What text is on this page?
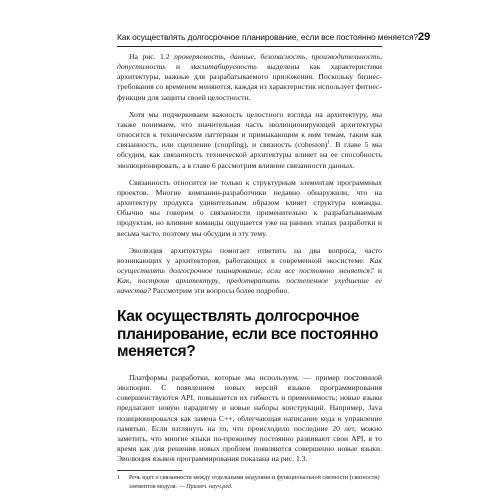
Как осуществлять долгосрочное планирование, если все постоянно меняется? 29

На рис. 1.2 проверяемость, данные, безопасность, производительность, допустимость и масштабируемость выделены как характеристики архитектуры, важные для разрабатываемого приложения. Поскольку бизнес-требования со временем меняются, каждая из характеристик использует фитнес-функции для защиты своей целостности.

Хотя мы подчеркиваем важность целостного взгляда на архитектуру, мы также понимаем, что значительная часть эволюционирующей архитектуры относится к техническим паттернам и примыкающим к ним темам, таким как связанность, или сцепление (coupling), и связность (cohesion)$^1$. В главе 5 мы обсудим, как связанность технической архитектуры влияет на ее способность эволюционировать, а в главе 6 рассмотрим влияние связанности данных.

Связанность относится не только к структурным элементам программных проектов. Многие компании-разработчики недавно обнаружили, что на архитектуру продукта удивительным образом влияет структура команды. Обычно мы говорим о связанности применительно к разрабатываемым продуктам, но влияние команды ощущается уже на ранних этапах разработки и весьма часто, поэтому мы обсудим и эту тему.

Эволюция архитектуры помогает ответить на два вопроса, часто возникающих у архитекторов, работающих в современной экосистеме: Как осуществлять долгосрочное планирование, если все постоянно меняется? и Как, построив архитектуру, предотвратить постепенное ухудшение ее качества? Рассмотрим эти вопросы более подробно.

Как осуществлять долгосрочное планирование, если все постоянно меняется?

Платформы разработки, которые мы используем, — пример постоянной эволюции. С появлением новых версий языков программирования совершенствуются API, повышается их гибкость и применимость; новые языки предлагают новую парадигму и новые наборы конструкций. Например, Java позиционировался как замена C++, облегчающая написание кода и управление памятью. Если взглянуть на то, что происходило последние 20 лет, можно заметить, что многие языки по-прежнему постоянно развивают свои API, в то время как для решения новых проблем появляются совершенно новые языки. Эволюция языков программирования показана на рис. 1.3.

1	Речь идет о связанности между отдельными модулями и функциональной связности (связности) элементов модуля. — Примеч. науч.ред.
